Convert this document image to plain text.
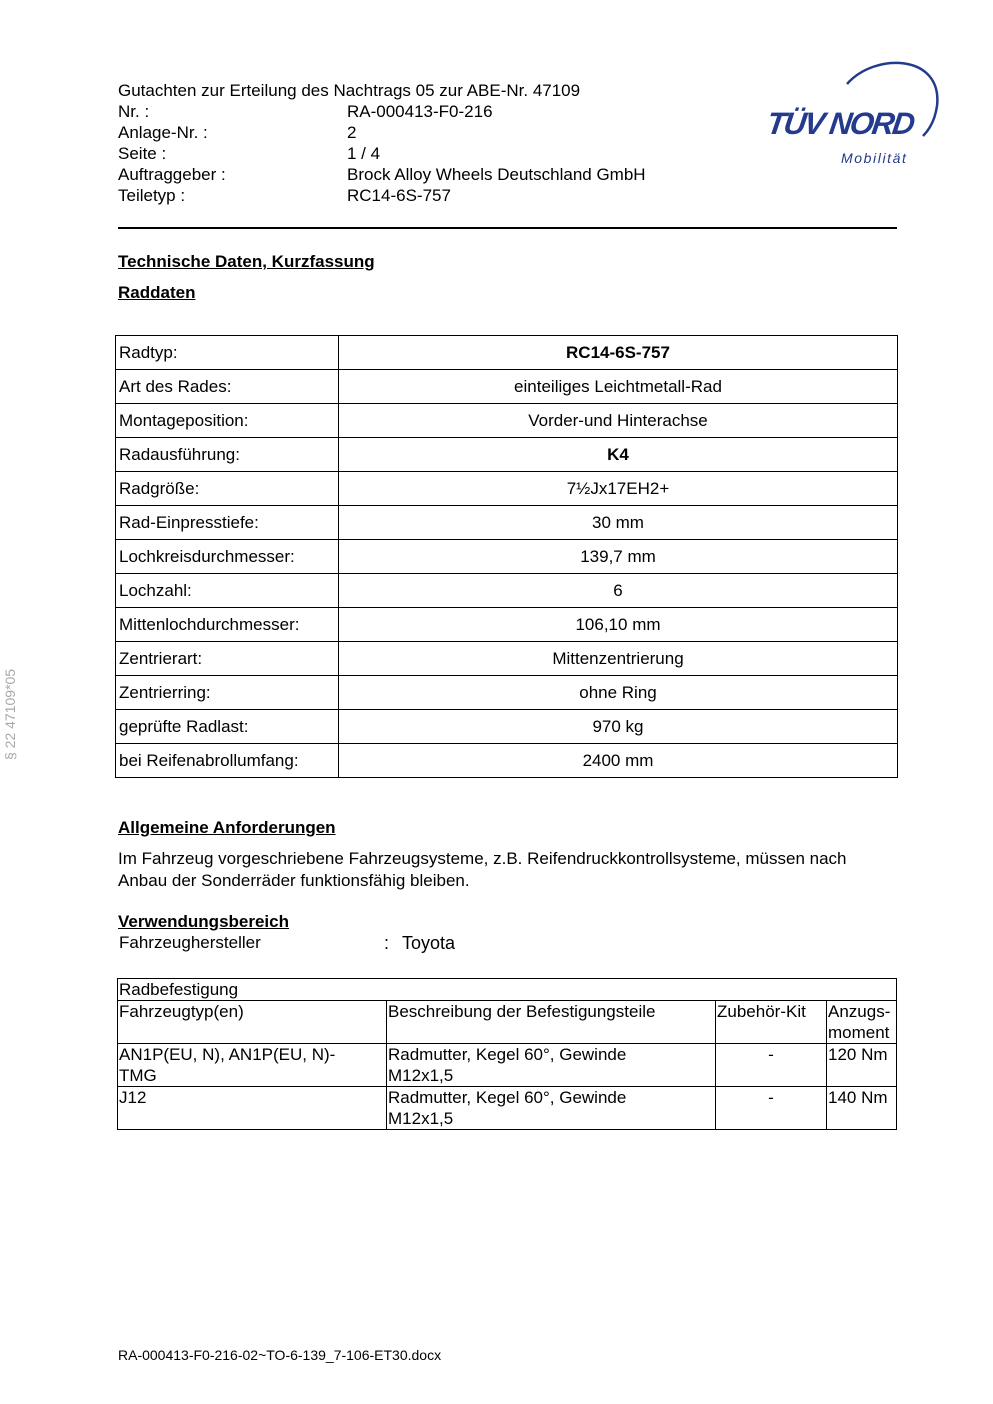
Gutachten zur Erteilung des Nachtrags 05 zur ABE-Nr. 47109
Nr. :	RA-000413-F0-216
Anlage-Nr. :	2
Seite :	1 / 4
Auftraggeber :	Brock Alloy Wheels Deutschland GmbH
Teiletyp :	RC14-6S-757
TÜV NORD
Mobilität
Technische Daten, Kurzfassung
Raddaten
§ 22 47109*05
Radtyp:	RC14-6S-757
Art des Rades:	einteiliges Leichtmetall-Rad
Montageposition:	Vorder-und Hinterachse
Radausführung:	K4
Radgröße:	7½Jx17EH2+
Rad-Einpresstiefe:	30 mm
Lochkreisdurchmesser:	139,7 mm
Lochzahl:	6
Mittenlochdurchmesser:	106,10 mm
Zentrierart:	Mittenzentrierung
Zentrierring:	ohne Ring
geprüfte Radlast:	970 kg
bei Reifenabrollumfang:	2400 mm
Allgemeine Anforderungen
Im Fahrzeug vorgeschriebene Fahrzeugsysteme, z.B. Reifendruckkontrollsysteme, müssen nach Anbau der Sonderräder funktionsfähig bleiben.
Verwendungsbereich
Fahrzeughersteller	: Toyota
Radbefestigung			
Fahrzeugtyp(en)	Beschreibung der Befestigungsteile	Zubehör-Kit	Anzugs-
moment
AN1P(EU, N), AN1P(EU, N)-
TMG	Radmutter, Kegel 60°, Gewinde
M12x1,5	-	120 Nm
J12	Radmutter, Kegel 60°, Gewinde
M12x1,5	-	140 Nm
RA-000413-F0-216-02~TO-6-139_7-106-ET30.docx
